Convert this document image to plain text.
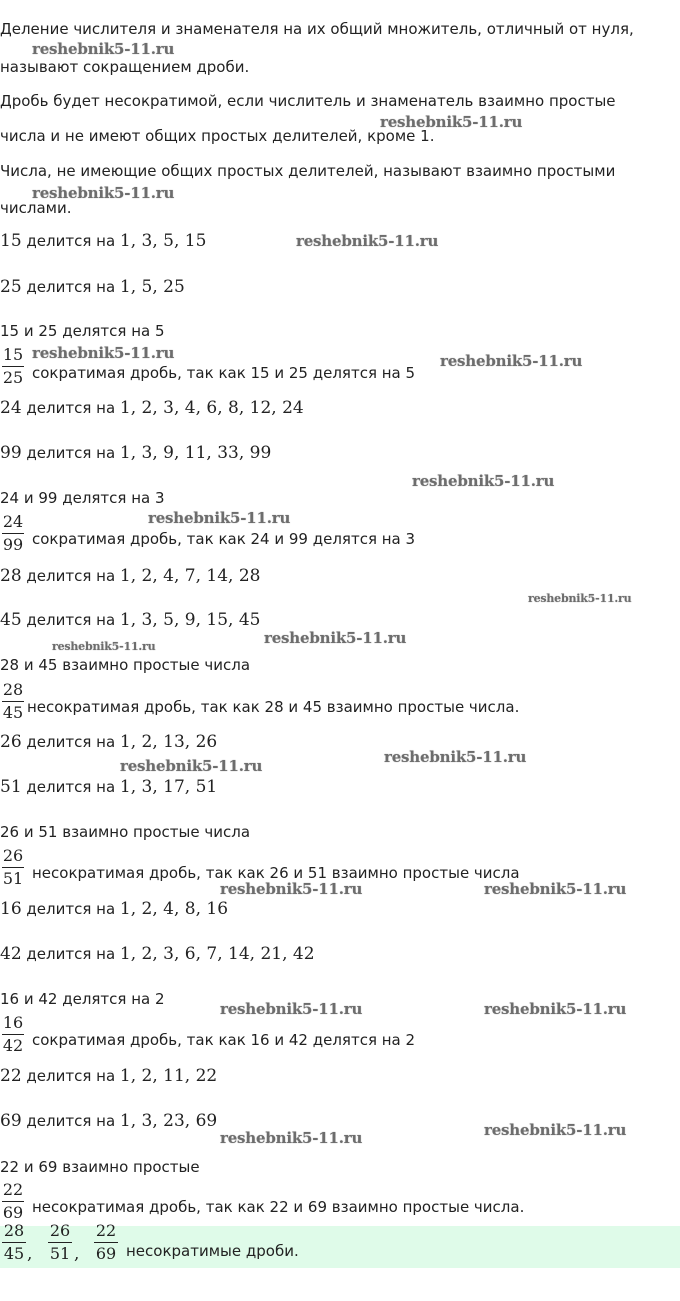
Деление числителя и знаменателя на их общий множитель, отличный от нуля,
называют сокращением дроби.
Дробь будет несократимой, если числитель и знаменатель взаимно простые
числа и не имеют общих простых делителей, кроме 1.
Числа, не имеющие общих простых делителей, называют взаимно простыми
числами.
15 делится на 1, 3, 5, 15
25 делится на 1, 5, 25
15 и 25 делятся на 5
15
25 сократимая дробь, так как 15 и 25 делятся на 5
24 делится на 1, 2, 3, 4, 6, 8, 12, 24
99 делится на 1, 3, 9, 11, 33, 99
24 и 99 делятся на 3
24
99 сократимая дробь, так как 24 и 99 делятся на 3
28 делится на 1, 2, 4, 7, 14, 28
45 делится на 1, 3, 5, 9, 15, 45
28 и 45 взаимно простые числа
28
45 несократимая дробь, так как 28 и 45 взаимно простые числа.
26 делится на 1, 2, 13, 26
51 делится на 1, 3, 17, 51
26 и 51 взаимно простые числа
26
51 несократимая дробь, так как 26 и 51 взаимно простые числа
16 делится на 1, 2, 4, 8, 16
42 делится на 1, 2, 3, 6, 7, 14, 21, 42
16 и 42 делятся на 2
16
42 сократимая дробь, так как 16 и 42 делятся на 2
22 делится на 1, 2, 11, 22
69 делится на 1, 3, 23, 69
22 и 69 взаимно простые
22
69 несократимая дробь, так как 22 и 69 взаимно простые числа.
28
45 ,
26
51 ,
22
69 несократимые дроби.
reshebnik5-11.ru
reshebnik5-11.ru
reshebnik5-11.ru
reshebnik5-11.ru
reshebnik5-11.ru	reshebnik5-11.ru
reshebnik5-11.ru
reshebnik5-11.ru
reshebnik5-11.ru
reshebnik5-11.ru
reshebnik5-11.ru
reshebnik5-11.ru
reshebnik5-11.ru
reshebnik5-11.ru	reshebnik5-11.ru
reshebnik5-11.ru	reshebnik5-11.ru
reshebnik5-11.ru
reshebnik5-11.ru
